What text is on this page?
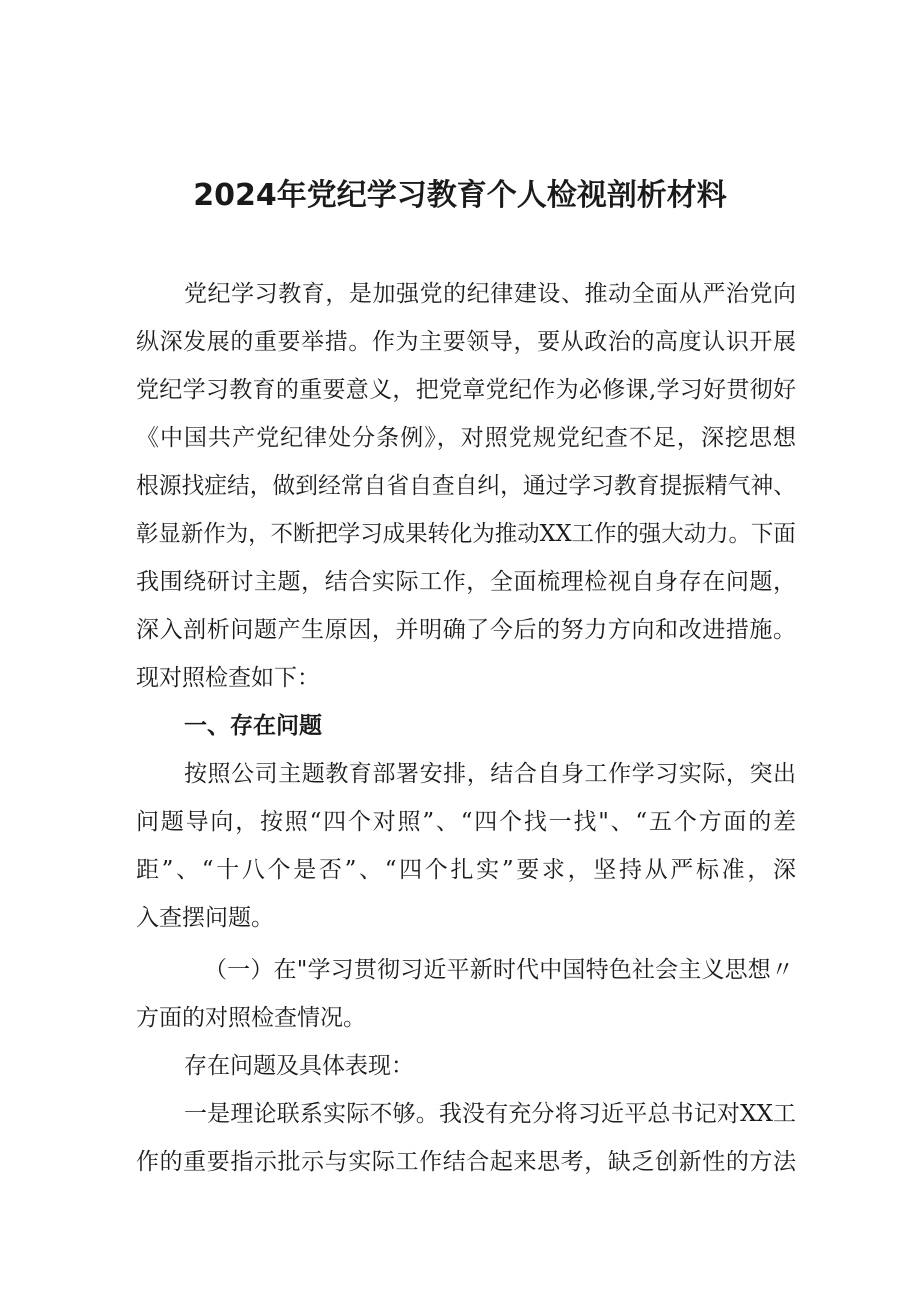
2024年党纪学习教育个人检视剖析材料
党纪学习教育，是加强党的纪律建设、推动全面从严治党向
纵深发展的重要举措。作为主要领导，要从政治的高度认识开展
党纪学习教育的重要意义，把党章党纪作为必修课,学习好贯彻好
《中国共产党纪律处分条例》，对照党规党纪查不足，深挖思想
根源找症结，做到经常自省自查自纠，通过学习教育提振精气神、
彰显新作为，不断把学习成果转化为推动XX工作的强大动力。下面
我围绕研讨主题，结合实际工作，全面梳理检视自身存在问题，
深入剖析问题产生原因，并明确了今后的努力方向和改进措施。
现对照检查如下：
一、存在问题
按照公司主题教育部署安排，结合自身工作学习实际，突出
问题导向，按照“四个对照”、“四个找一找"、“五个方面的差
距”、“十八个是否”、“四个扎实”要求，坚持从严标准，深
入查摆问题。
（一）在"学习贯彻习近平新时代中国特色社会主义思想〃
方面的对照检查情况。
存在问题及具体表现：
一是理论联系实际不够。我没有充分将习近平总书记对XX工
作的重要指示批示与实际工作结合起来思考，缺乏创新性的方法
